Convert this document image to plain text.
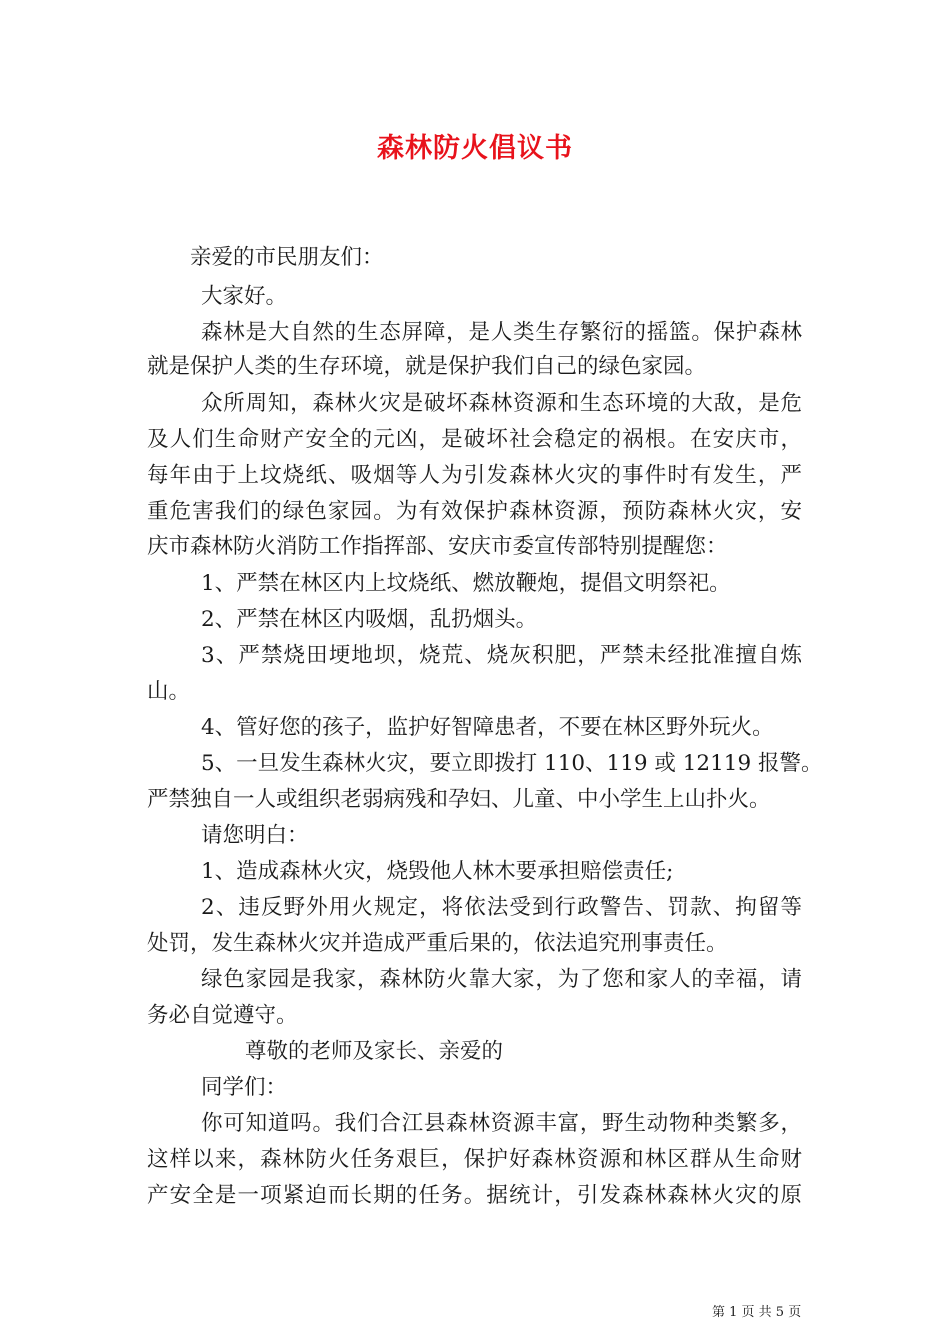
森林防火倡议书
亲爱的市民朋友们：
大家好。
森林是大自然的生态屏障，是人类生存繁衍的摇篮。保护森林
就是保护人类的生存环境，就是保护我们自己的绿色家园。
众所周知，森林火灾是破坏森林资源和生态环境的大敌，是危
及人们生命财产安全的元凶，是破坏社会稳定的祸根。在安庆市，
每年由于上坟烧纸、吸烟等人为引发森林火灾的事件时有发生，严
重危害我们的绿色家园。为有效保护森林资源，预防森林火灾，安
庆市森林防火消防工作指挥部、安庆市委宣传部特别提醒您：
1、严禁在林区内上坟烧纸、燃放鞭炮，提倡文明祭祀。
2、严禁在林区内吸烟，乱扔烟头。
3、严禁烧田埂地坝，烧荒、烧灰积肥，严禁未经批准擅自炼
山。
4、管好您的孩子，监护好智障患者，不要在林区野外玩火。
5、一旦发生森林火灾，要立即拨打 110、119 或 12119 报警。
严禁独自一人或组织老弱病残和孕妇、儿童、中小学生上山扑火。
请您明白：
1、造成森林火灾，烧毁他人林木要承担赔偿责任;
2、违反野外用火规定，将依法受到行政警告、罚款、拘留等
处罚，发生森林火灾并造成严重后果的，依法追究刑事责任。
绿色家园是我家，森林防火靠大家，为了您和家人的幸福，请
务必自觉遵守。
尊敬的老师及家长、亲爱的
同学们：
你可知道吗。我们合江县森林资源丰富，野生动物种类繁多，
这样以来，森林防火任务艰巨，保护好森林资源和林区群从生命财
产安全是一项紧迫而长期的任务。据统计，引发森林森林火灾的原
第 1 页 共 5 页
